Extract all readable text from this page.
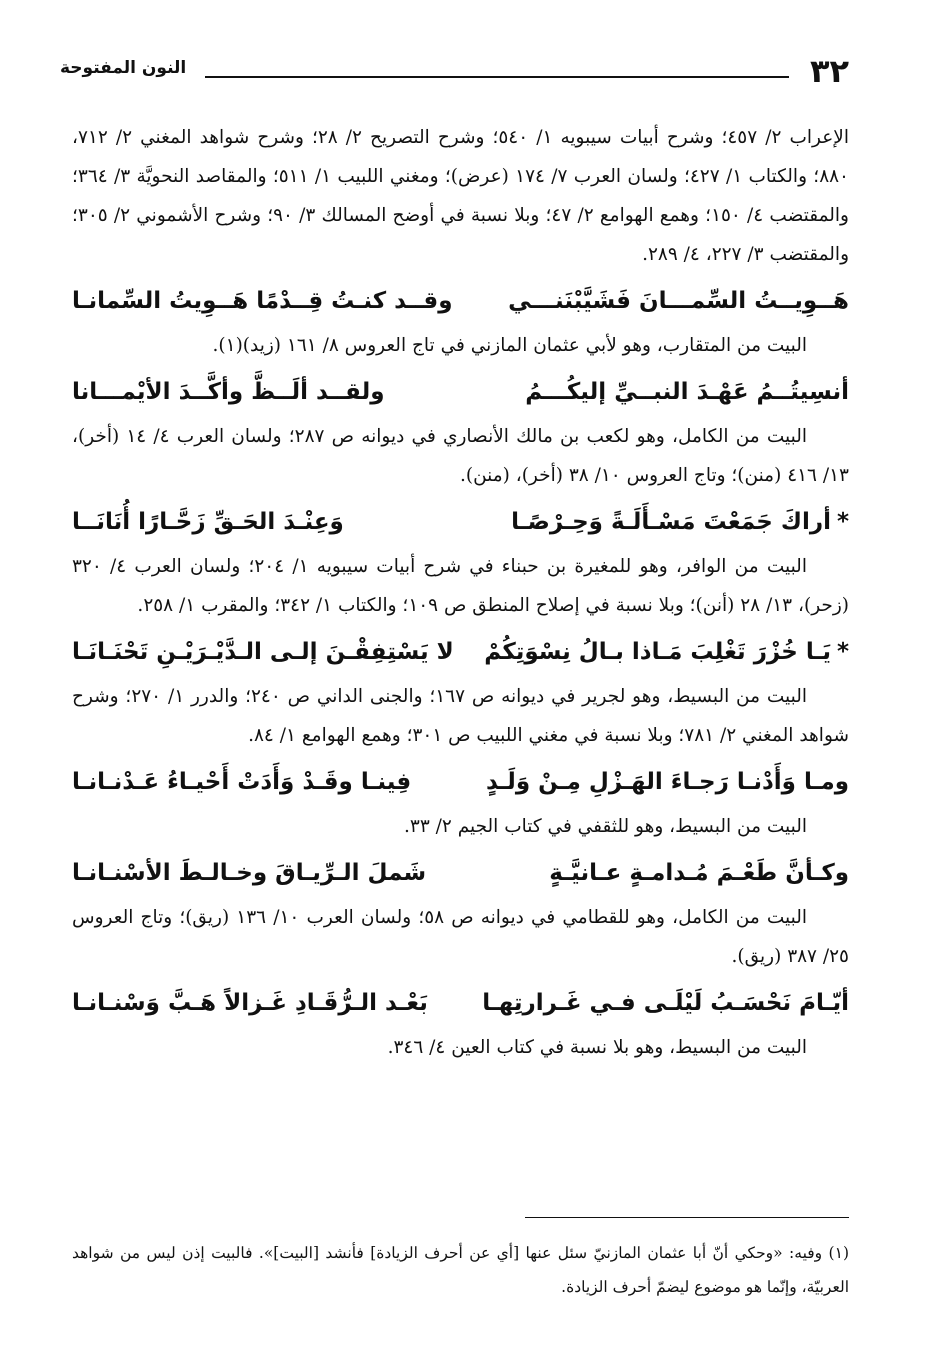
٣٢
النون المفتوحة

الإعراب ٢/ ٤٥٧؛ وشرح أبيات سيبويه ١/ ٥٤٠؛ وشرح التصريح ٢/ ٢٨؛ وشرح شواهد المغني ٢/ ٧١٢، ٨٨٠؛ والكتاب ١/ ٤٢٧؛ ولسان العرب ٧/ ١٧٤ (عرض)؛ ومغني اللبيب ١/ ٥١١؛ والمقاصد النحويَّة ٣/ ٣٦٤؛ والمقتضب ٤/ ١٥٠؛ وهمع الهوامع ٢/ ٤٧؛ وبلا نسبة في أوضح المسالك ٣/ ٩٠؛ وشرح الأشموني ٢/ ٣٠٥؛ والمقتضب ٣/ ٢٢٧، ٤/ ٢٨٩.

هَــوِيــتُ السِّمـــانَ فَشَيَّبْنَنـــي
وقــد كنـتُ قِــدْمًا هَــوِيتُ السِّمانـا

البيت من المتقارب، وهو لأبي عثمان المازني في تاج العروس ٨/ ١٦١ (زيد)(١).

أنسِيتُــمُ عَهْـدَ النبــيِّ إليكُـــمُ
ولقــد ألَــظَّ وأكَّــدَ الأيْمـــانا

البيت من الكامل، وهو لكعب بن مالك الأنصاري في ديوانه ص ٢٨٧؛ ولسان العرب ٤/ ١٤ (أخر)، ١٣/ ٤١٦ (منن)؛ وتاج العروس ١٠/ ٣٨ (أخر)، (منن).

*أراكَ جَمَعْتَ مَسْـأَلَـةً وَحِـرْصًـا
وَعِنْـدَ الحَـقِّ زَحَّـارًا أُنَانَــا

البيت من الوافر، وهو للمغيرة بن حبناء في شرح أبيات سيبويه ١/ ٢٠٤؛ ولسان العرب ٤/ ٣٢٠ (زحر)، ١٣/ ٢٨ (أنن)؛ وبلا نسبة في إصلاح المنطق ص ١٠٩؛ والكتاب ١/ ٣٤٢؛ والمقرب ١/ ٢٥٨.

*يَـا خُزْرَ تَغْلِبَ مَـاذا بـالُ نِسْوَتِكُمْ
لا يَسْتِفِقْـنَ إلـى الـدَّيْـرَيْـنِ تَحْنَـانَـا

البيت من البسيط، وهو لجرير في ديوانه ص ١٦٧؛ والجنى الداني ص ٢٤٠؛ والدرر ١/ ٢٧٠؛ وشرح شواهد المغني ٢/ ٧٨١؛ وبلا نسبة في مغني اللبيب ص ٣٠١؛ وهمع الهوامع ١/ ٨٤.

ومـا وَأَدْنـا رَجـاءَ الهَـزْلِ مِـنْ وَلَـدٍ
فِينـا وقَـدْ وَأَدَتْ أَحْيـاءُ عَـدْنـانـا

البيت من البسيط، وهو للثقفي في كتاب الجيم ٢/ ٣٣.

وكـأنَّ طَعْـمَ مُـدامـةٍ عـانيَّـةٍ
شَملَ الـرِّيـاقَ وخـالـطَ الأسْنـانـا

البيت من الكامل، وهو للقطامي في ديوانه ص ٥٨؛ ولسان العرب ١٠/ ١٣٦ (ريق)؛ وتاج العروس ٢٥/ ٣٨٧ (ريق).

أيّـامَ نَحْسَـبُ لَيْلَـى فـي غَـرارتِهـا
بَعْـد الـرُّقَـادِ غَـزالاً هَـبَّ وَسْنـانـا

البيت من البسيط، وهو بلا نسبة في كتاب العين ٤/ ٣٤٦.

(١) وفيه: «وحكي أنّ أبا عثمان المازنيّ سئل عنها [أي عن أحرف الزيادة] فأنشد [البيت]». فالبيت إذن ليس من شواهد العربيّة، وإنّما هو موضوع ليضمّ أحرف الزيادة.
